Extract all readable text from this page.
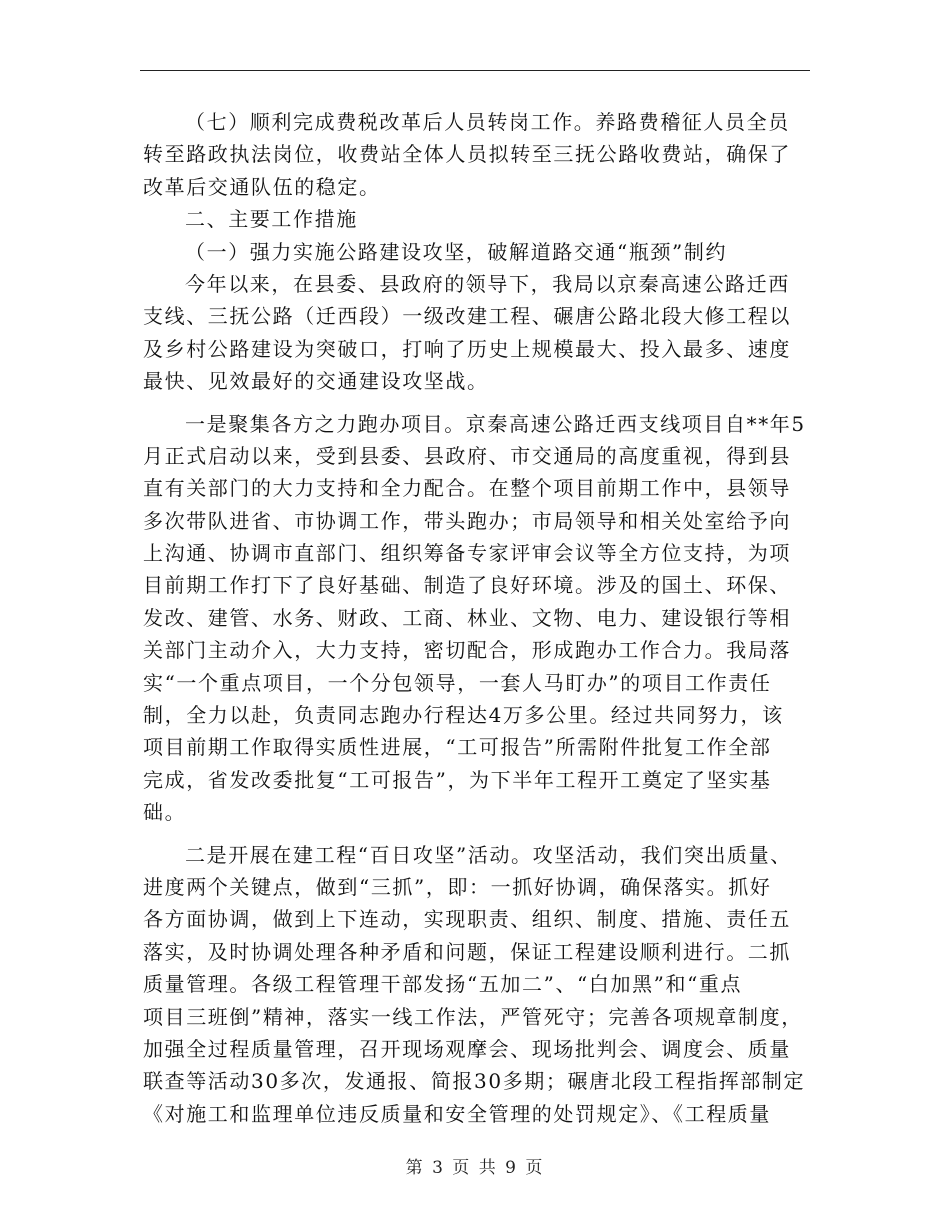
（七）顺利完成费税改革后人员转岗工作。养路费稽征人员全员
转至路政执法岗位，收费站全体人员拟转至三抚公路收费站，确保了
改革后交通队伍的稳定。
二、主要工作措施
（一）强力实施公路建设攻坚，破解道路交通“瓶颈”制约
今年以来，在县委、县政府的领导下，我局以京秦高速公路迁西
支线、三抚公路（迁西段）一级改建工程、碾唐公路北段大修工程以
及乡村公路建设为突破口，打响了历史上规模最大、投入最多、速度
最快、见效最好的交通建设攻坚战。
一是聚集各方之力跑办项目。京秦高速公路迁西支线项目自**年5
月正式启动以来，受到县委、县政府、市交通局的高度重视，得到县
直有关部门的大力支持和全力配合。在整个项目前期工作中，县领导
多次带队进省、市协调工作，带头跑办；市局领导和相关处室给予向
上沟通、协调市直部门、组织筹备专家评审会议等全方位支持，为项
目前期工作打下了良好基础、制造了良好环境。涉及的国土、环保、
发改、建管、水务、财政、工商、林业、文物、电力、建设银行等相
关部门主动介入，大力支持，密切配合，形成跑办工作合力。我局落
实“一个重点项目，一个分包领导，一套人马盯办”的项目工作责任
制，全力以赴，负责同志跑办行程达4万多公里。经过共同努力，该
项目前期工作取得实质性进展，“工可报告”所需附件批复工作全部
完成，省发改委批复“工可报告”，为下半年工程开工奠定了坚实基
础。
二是开展在建工程“百日攻坚”活动。攻坚活动，我们突出质量、
进度两个关键点，做到“三抓”，即：一抓好协调，确保落实。抓好
各方面协调，做到上下连动，实现职责、组织、制度、措施、责任五
落实，及时协调处理各种矛盾和问题，保证工程建设顺利进行。二抓
质量管理。各级工程管理干部发扬“五加二”、“白加黑”和“重点
项目三班倒”精神，落实一线工作法，严管死守；完善各项规章制度，
加强全过程质量管理，召开现场观摩会、现场批判会、调度会、质量
联查等活动30多次，发通报、简报30多期；碾唐北段工程指挥部制定
《对施工和监理单位违反质量和安全管理的处罚规定》、《工程质量
第 3 页 共 9 页
